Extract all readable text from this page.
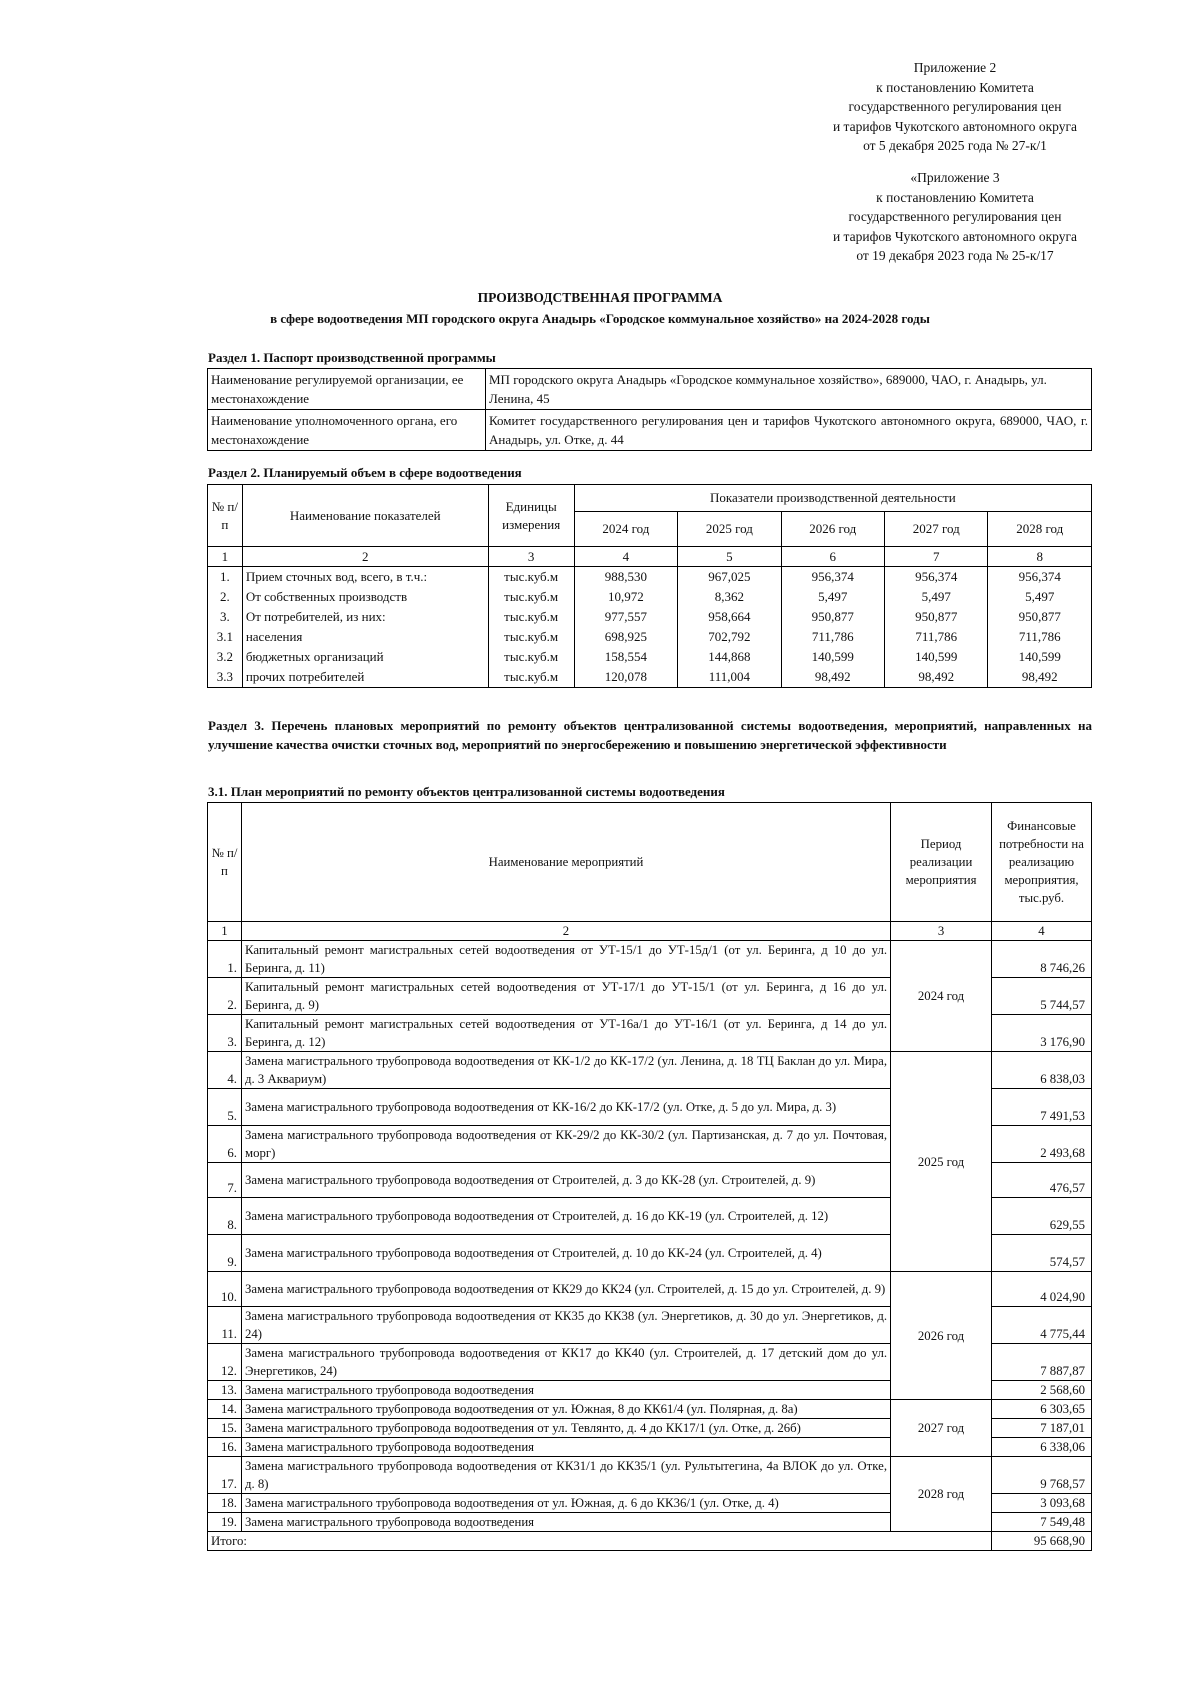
Приложение 2
к постановлению Комитета
государственного регулирования цен
и тарифов Чукотского автономного округа
от 5 декабря 2025 года № 27-к/1
«Приложение 3
к постановлению Комитета
государственного регулирования цен
и тарифов Чукотского автономного округа
от 19 декабря 2023 года № 25-к/17
ПРОИЗВОДСТВЕННАЯ ПРОГРАММА
в сфере водоотведения МП городского округа Анадырь «Городское коммунальное хозяйство» на 2024-2028 годы
Раздел 1. Паспорт производственной программы
Наименование регулируемой организации, ее местонахождение	МП городского округа Анадырь «Городское коммунальное хозяйство», 689000, ЧАО, г. Анадырь, ул. Ленина, 45
Наименование уполномоченного органа, его местонахождение	Комитет государственного регулирования цен и тарифов Чукотского автономного округа, 689000, ЧАО, г. Анадырь, ул. Отке, д. 44
Раздел 2. Планируемый объем в сфере водоотведения
№ п/п	Наименование показателей	Единицы измерения	Показатели производственной деятельности				
			2024 год	2025 год	2026 год	2027 год	2028 год
1	2	3	4	5	6	7	8
1.	Прием сточных вод, всего, в т.ч.:	тыс.куб.м	988,530	967,025	956,374	956,374	956,374
2.	От собственных производств	тыс.куб.м	10,972	8,362	5,497	5,497	5,497
3.	От потребителей, из них:	тыс.куб.м	977,557	958,664	950,877	950,877	950,877
3.1	населения	тыс.куб.м	698,925	702,792	711,786	711,786	711,786
3.2	бюджетных организаций	тыс.куб.м	158,554	144,868	140,599	140,599	140,599
3.3	прочих потребителей	тыс.куб.м	120,078	111,004	98,492	98,492	98,492
Раздел 3. Перечень плановых мероприятий по ремонту объектов централизованной системы водоотведения, мероприятий, направленных на улучшение качества очистки сточных вод, мероприятий по энергосбережению и повышению энергетической эффективности
3.1. План мероприятий по ремонту объектов централизованной системы водоотведения
№ п/п	Наименование мероприятий	Период реализации мероприятия	Финансовые потребности на реализацию мероприятия, тыс.руб.
1	2	3	4
1.	Капитальный ремонт магистральных сетей водоотведения от УТ-15/1 до УТ-15д/1 (от ул. Беринга, д 10 до ул. Беринга, д. 11)	2024 год	8 746,26
2.	Капитальный ремонт магистральных сетей водоотведения от УТ-17/1 до УТ-15/1 (от ул. Беринга, д 16 до ул. Беринга, д. 9)		5 744,57
3.	Капитальный ремонт магистральных сетей водоотведения от УТ-16а/1 до УТ-16/1 (от ул. Беринга, д 14 до ул. Беринга, д. 12)		3 176,90
4.	Замена магистрального трубопровода водоотведения от КК-1/2 до КК-17/2 (ул. Ленина, д. 18 ТЦ Баклан до ул. Мира, д. 3 Аквариум)	2025 год	6 838,03
5.	Замена магистрального трубопровода водоотведения от КК-16/2 до КК-17/2 (ул. Отке, д. 5 до ул. Мира, д. 3)		7 491,53
6.	Замена магистрального трубопровода водоотведения от КК-29/2 до КК-30/2 (ул. Партизанская, д. 7 до ул. Почтовая, морг)		2 493,68
7.	Замена магистрального трубопровода водоотведения от Строителей, д. 3 до КК-28 (ул. Строителей, д. 9)		476,57
8.	Замена магистрального трубопровода водоотведения от Строителей, д. 16 до КК-19 (ул. Строителей, д. 12)		629,55
9.	Замена магистрального трубопровода водоотведения от Строителей, д. 10 до КК-24 (ул. Строителей, д. 4)		574,57
10.	Замена магистрального трубопровода водоотведения от КК29 до КК24 (ул. Строителей, д. 15 до ул. Строителей, д. 9)	2026 год	4 024,90
11.	Замена магистрального трубопровода водоотведения от КК35 до КК38 (ул. Энергетиков, д. 30 до ул. Энергетиков, д. 24)		4 775,44
12.	Замена магистрального трубопровода водоотведения от КК17 до КК40 (ул. Строителей, д. 17 детский дом до ул. Энергетиков, 24)		7 887,87
13.	Замена магистрального трубопровода водоотведения		2 568,60
14.	Замена магистрального трубопровода водоотведения от ул. Южная, 8 до КК61/4 (ул. Полярная, д. 8а)	2027 год	6 303,65
15.	Замена магистрального трубопровода водоотведения от ул. Тевлянто, д. 4 до КК17/1 (ул. Отке, д. 26б)		7 187,01
16.	Замена магистрального трубопровода водоотведения		6 338,06
17.	Замена магистрального трубопровода водоотведения от КК31/1 до КК35/1 (ул. Рультытегина, 4а ВЛОК до ул. Отке, д. 8)	2028 год	9 768,57
18.	Замена магистрального трубопровода водоотведения от ул. Южная, д. 6 до КК36/1 (ул. Отке, д. 4)		3 093,68
19.	Замена магистрального трубопровода водоотведения		7 549,48
Итого:			95 668,90
